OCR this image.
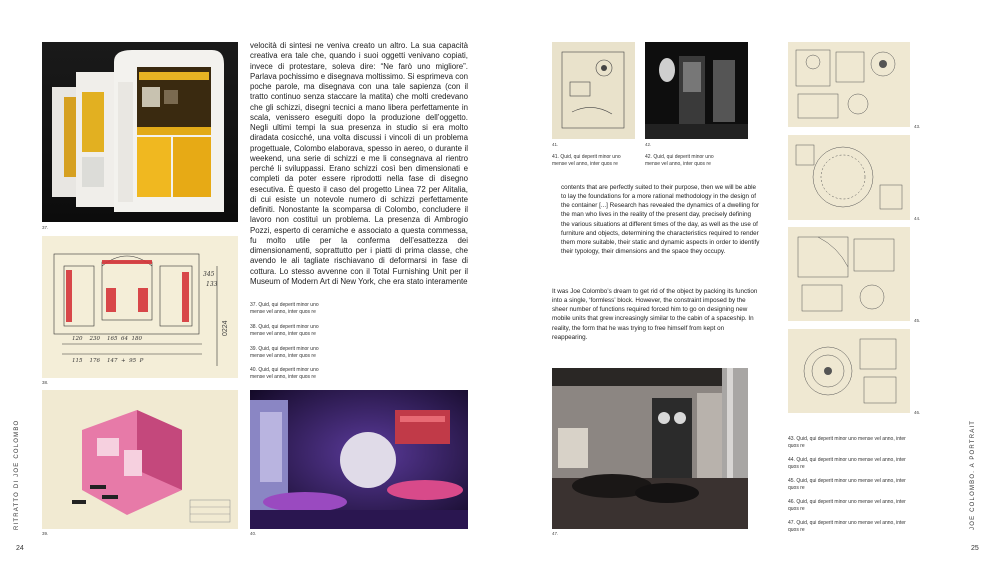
37.
345
133
0224
120    230    165  64  180
115    176    147  +  95  P
38.
39.
RITRATTO DI JOE COLOMBO
24
velocità di sintesi ne veniva creato un altro. La sua capacità creativa era tale che, quando i suoi oggetti venivano copiati, invece di protestare, soleva dire: “Ne farò uno migliore”. Parlava pochissimo e disegnava moltissimo. Si esprimeva con poche parole, ma disegnava con una tale sapienza (con il tratto continuo senza staccare la matita) che molti credevano che gli schizzi, disegni tecnici a mano libera perfettamente in scala, venissero eseguiti dopo la produzione dell’oggetto. Negli ultimi tempi la sua presenza in studio si era molto diradata cosicché, una volta discussi i vincoli di un problema progettuale, Colombo elaborava, spesso in aereo, o durante il weekend, una serie di schizzi e me li consegnava al rientro perché li sviluppassi. Erano schizzi così ben dimensionati e completi da poter essere riprodotti nella fase di disegno esecutiva. È questo il caso del progetto Linea 72 per Alitalia, di cui esiste un notevole numero di schizzi perfettamente definiti. Nonostante la scomparsa di Colombo, concludere il lavoro non costituì un problema. La presenza di Ambrogio Pozzi, esperto di ceramiche e associato a questa commessa, fu molto utile per la conferma dell’esattezza dei dimensionamenti, soprattutto per i piatti di prima classe, che avendo le ali tagliate rischiavano di deformarsi in fase di cottura. Lo stesso avvenne con il Total Furnishing Unit per il Museum of Modern Art di New York, che era stato interamente
37. Quid, qui deperit minor uno mense vel anno, inter quos re
38. Quid, qui deperit minor uno mense vel anno, inter quos re
39. Quid, qui deperit minor uno mense vel anno, inter quos re
40. Quid, qui deperit minor uno mense vel anno, inter quos re
40.
41.	42.
41. Quid, qui deperit minor uno mense vel anno, inter quos re
42. Quid, qui deperit minor uno mense vel anno, inter quos re
contents that are perfectly suited to their purpose, then we will be able to lay the foundations for a more rational methodology in the design of the container [...] Research has revealed the dynamics of a dwelling for the man who lives in the reality of the present day, precisely defining the various situations at different times of the day, as well as the use of furniture and objects, determining the characteristics required to render them more suitable, their static and dynamic aspects in order to identify their typology, their dimensions and the space they occupy.
It was Joe Colombo’s dream to get rid of the object by packing its function into a single, ‘formless’ block. However, the constraint imposed by the sheer number of functions required forced him to go on designing new mobile units that grew increasingly similar to the cabin of a spaceship. In reality, the form that he was trying to free himself from kept on reappearing.
47.
43.
44.
45.
46.
43. Quid, qui deperit minor uno mense vel anno, inter quos re
44. Quid, qui deperit minor uno mense vel anno, inter quos re
45. Quid, qui deperit minor uno mense vel anno, inter quos re
46. Quid, qui deperit minor uno mense vel anno, inter quos re
47. Quid, qui deperit minor uno mense vel anno, inter quos re	JOE COLOMBO. A PORTRAIT
25
